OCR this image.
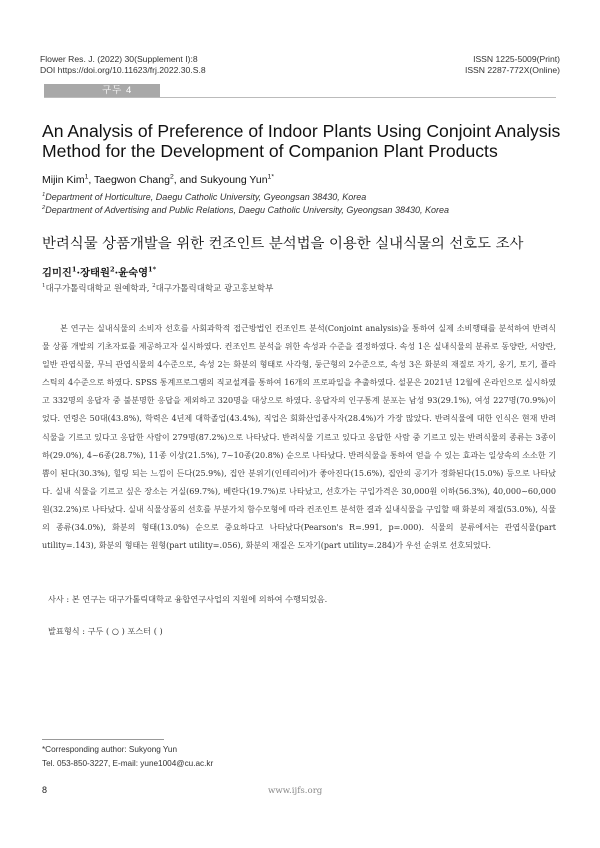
Flower Res. J. (2022) 30(Supplement I):8
DOI https://doi.org/10.11623/frj.2022.30.S.8
ISSN 1225-5009(Print)
ISSN 2287-772X(Online)
구두 4
An Analysis of Preference of Indoor Plants Using Conjoint Analysis Method for the Development of Companion Plant Products
Mijin Kim$^1$, Taegwon Chang$^2$, and Sukyoung Yun$^{1*}$
$^1$Department of Horticulture, Daegu Catholic University, Gyeongsan 38430, Korea
$^2$Department of Advertising and Public Relations, Daegu Catholic University, Gyeongsan 38430, Korea
반려식물 상품개발을 위한 컨조인트 분석법을 이용한 실내식물의 선호도 조사
김미진$^1$·장태원$^2$·윤숙영$^{1*}$
$^1$대구가톨릭대학교 원예학과, $^2$대구가톨릭대학교 광고홍보학부

본 연구는 실내식물의 소비자 선호를 사회과학적 접근방법인 컨조인트 분석(Conjoint analysis)을 통하여 실제 소비행태를 분석하여 반려식물 상품 개발의 기초자료를 제공하고자 실시하였다. 컨조인트 분석을 위한 속성과 수준을 결정하였다. 속성 1은 실내식물의 분류로 동양란, 서양란, 일반 관엽식물, 무늬 관엽식물의 4수준으로, 속성 2는 화분의 형태로 사각형, 둥근형의 2수준으로, 속성 3은 화분의 재질로 자기, 옹기, 토기, 플라스틱의 4수준으로 하였다. SPSS 통계프로그램의 직교설계를 통하여 16개의 프로파일을 추출하였다. 설문은 2021년 12월에 온라인으로 실시하였고 332명의 응답자 중 불분명한 응답을 제외하고 320명을 대상으로 하였다. 응답자의 인구통계 분포는 남성 93(29.1%), 여성 227명(70.9%)이었다. 연령은 50대(43.8%), 학력은 4년제 대학졸업(43.4%), 직업은 회화산업종사자(28.4%)가 가장 많았다. 반려식물에 대한 인식은 현재 반려식물을 기르고 있다고 응답한 사람이 279명(87.2%)으로 나타났다. 반려식물 기르고 있다고 응답한 사람 중 기르고 있는 반려식물의 종류는 3종이하(29.0%), 4~6종(28.7%), 11종 이상(21.5%), 7~10종(20.8%) 순으로 나타났다. 반려식물을 통하여 얻을 수 있는 효과는 일상속의 소소한 기쁨이 된다(30.3%), 힐링 되는 느낌이 든다(25.9%), 집안 분위기(인테리어)가 좋아진다(15.6%), 집안의 공기가 정화된다(15.0%) 등으로 나타났다. 실내 식물을 기르고 싶은 장소는 거실(69.7%), 베란다(19.7%)로 나타났고, 선호가는 구입가격은 30,000원 이하(56.3%), 40,000~60,000원(32.2%)로 나타났다. 실내 식물상품의 선호를 부분가치 함수모형에 따라 컨조인트 분석한 결과 실내식물을 구입할 때 화분의 재질(53.0%), 식물의 종류(34.0%), 화분의 형태(13.0%) 순으로 중요하다고 나타났다(Pearson's R=.991, p=.000). 식물의 분류에서는 관엽식물(part utility=.143), 화분의 형태는 원형(part utility=.056), 화분의 재질은 도자기(part utility=.284)가 우선 순위로 선호되었다.

사사 : 본 연구는 대구가톨릭대학교 융합연구사업의 지원에 의하여 수행되었음.
발표형식 : 구두 ( ○ ) 포스터 ( )
*Corresponding author: Sukyong Yun
Tel. 053-850-3227, E-mail: yune1004@cu.ac.kr
8	www.ijfs.org
